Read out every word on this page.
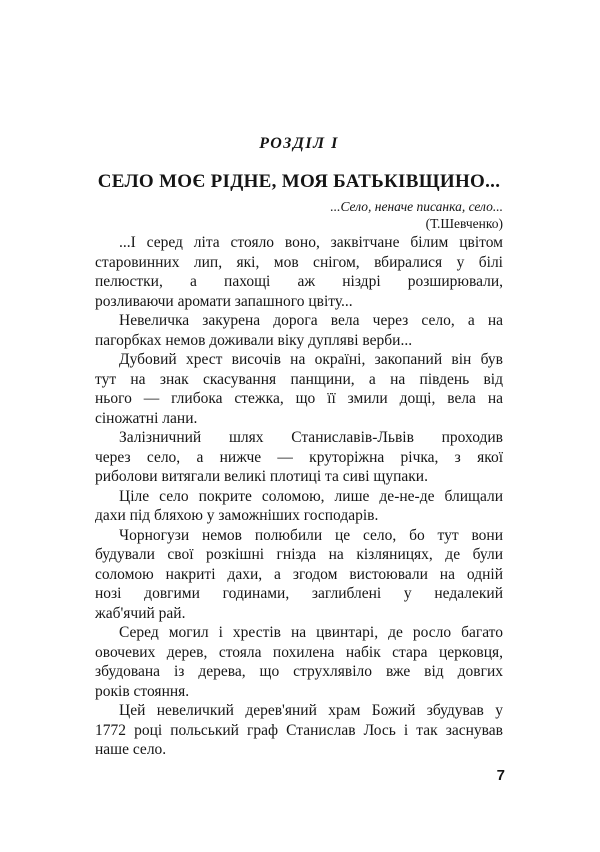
РОЗДІЛ I
СЕЛО МОЄ РІДНЕ, МОЯ БАТЬКІВЩИНО...
...Село, неначе писанка, село...
(Т.Шевченко)

...І серед літа стояло воно, заквітчане білим цвітом
старовинних лип, які, мов снігом, вбиралися у білі
пелюстки, а пахощі аж ніздрі розширювали,
розливаючи аромати запашного цвіту...

Невеличка закурена дорога вела через село, а на
пагорбках немов доживали віку дупляві верби...

Дубовий хрест височів на окраїні, закопаний він був
тут на знак скасування панщини, а на південь від
нього — глибока стежка, що її змили дощі, вела на
сіножатні лани.

Залізничний шлях Станиславів-Львів проходив
через село, а нижче — круторіжна річка, з якої
риболови витягали великі плотиці та сиві щупаки.

Ціле село покрите соломою, лише де-не-де блищали
дахи під бляхою у заможніших господарів.

Чорногузи немов полюбили це село, бо тут вони
будували свої розкішні гнізда на кізляницях, де були
соломою накриті дахи, а згодом вистоювали на одній
нозі довгими годинами, заглиблені у недалекий
жаб'ячий рай.

Серед могил і хрестів на цвинтарі, де росло багато
овочевих дерев, стояла похилена набік стара церковця,
збудована із дерева, що струхлявіло вже від довгих
років стояння.

Цей невеличкий дерев'яний храм Божий збудував у
1772 році польський граф Станислав Лось і так заснував
наше село.

7
